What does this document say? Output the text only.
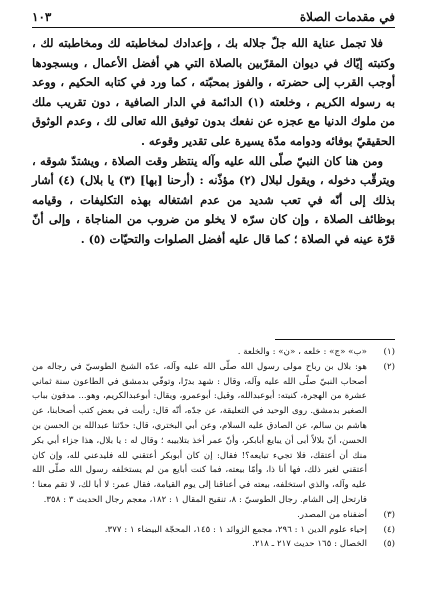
في مقدمات الصلاة
١٠٣

فلا تجمل عناية الله جلّ جلاله بك ، وإعدادك لمخاطبته لك ومخاطبته لك ، وكتبته إيّاك في ديوان المقرّبين بالصلاة التي هي أفضل الأعمال ، وبسجودها أوجب القرب إلى حضرته ، والفوز بمحبّته ، كما ورد في كتابه الحكيم ، ووعد به رسوله الكريم ، وخلعته (١) الدائمة في الدار الصافية ، دون تقريب ملك من ملوك الدنيا مع عجزه عن نفعك بدون توفيق الله تعالى لك ، وعدم الوثوق الحقيقيّ بوفائه ودوامه مدّة يسيرة على تقدير وقوعه .

ومن هنا كان النبيّ صلّى الله عليه وآله ينتظر وقت الصلاة ، ويشتدّ شوقه ، ويترقّب دخوله ، ويقول لبلال (٢) مؤذّنه : (أرحنا [بها] (٣) يا بلال) (٤) أشار بذلك إلى أنّه في تعب شديد من عدم اشتغاله بهذه التكليفات ، وقيامه بوظائف الصلاة ، وإن كان سرّه لا يخلو من ضروب من المناجاة ، وإلى أنّ قرّة عينه في الصلاة ؛ كما قال عليه أفضل الصلوات والتحيّات (٥) .

(١)
«ب» «ج» : خلعه ، «ن» : والخلعة .
(٢)
هو: بلال بن رباح مولى رسول الله صلّى الله عليه وآله، عدّه الشيخ الطوسيّ في رجاله من أصحاب النبيّ صلّى الله عليه وآله، وقال : شهد بدرًا، وتوفّي بدمشق في الطاعون سنة ثماني عشرة من الهجرة، كنيته: أبوعبدالله، وقيل: أبوعمرو، ويقال: أبوعبدالكريم، وهو... مدفون بباب الصغير بدمشق. روى الوحيد في التعليقة، عن جدّه، أنّه قال: رأيت في بعض كتب أصحابنا، عن هاشم بن سالم، عن الصادق عليه السلام، وعن أبي البختري، قال: حدّثنا عبدالله بن الحسن بن الحسن، أنّ بلالاً أبى أن يبايع أبابكر، وأنّ عمر أخذ بتلابيبه ؛ وقال له : يا بلال، هذا جزاء أبي بكر منك أن أعتقك، فلا تجيء تبايعه؟! فقال: إن كان أبوبكر أعتقني لله فليدعني لله، وإن كان أعتقني لغير ذلك، فها أنا ذا، وأمّا بيعته، فما كنت أبايع من لم يستخلفه رسول الله صلّى الله عليه وآله، والذي استخلفه، بيعته في أعناقنا إلى يوم القيامة، فقال عمر: لا أبا لك، لا تقم معنا ؛ فارتحل إلى الشام. رجال الطوسيّ : ٨، تنقيح المقال ١ : ١٨٢، معجم رجال الحديث ٣ : ٣٥٨.
(٣)
أضفناه من المصدر.
(٤)
إحياء علوم الدين ١ : ٢٩٦، مجمع الزوائد ١ : ١٤٥، المحجّة البيضاء ١ : ٣٧٧.
(٥)
الخصال : ١٦٥ حديث ٢١٧ ـ ٢١٨.
